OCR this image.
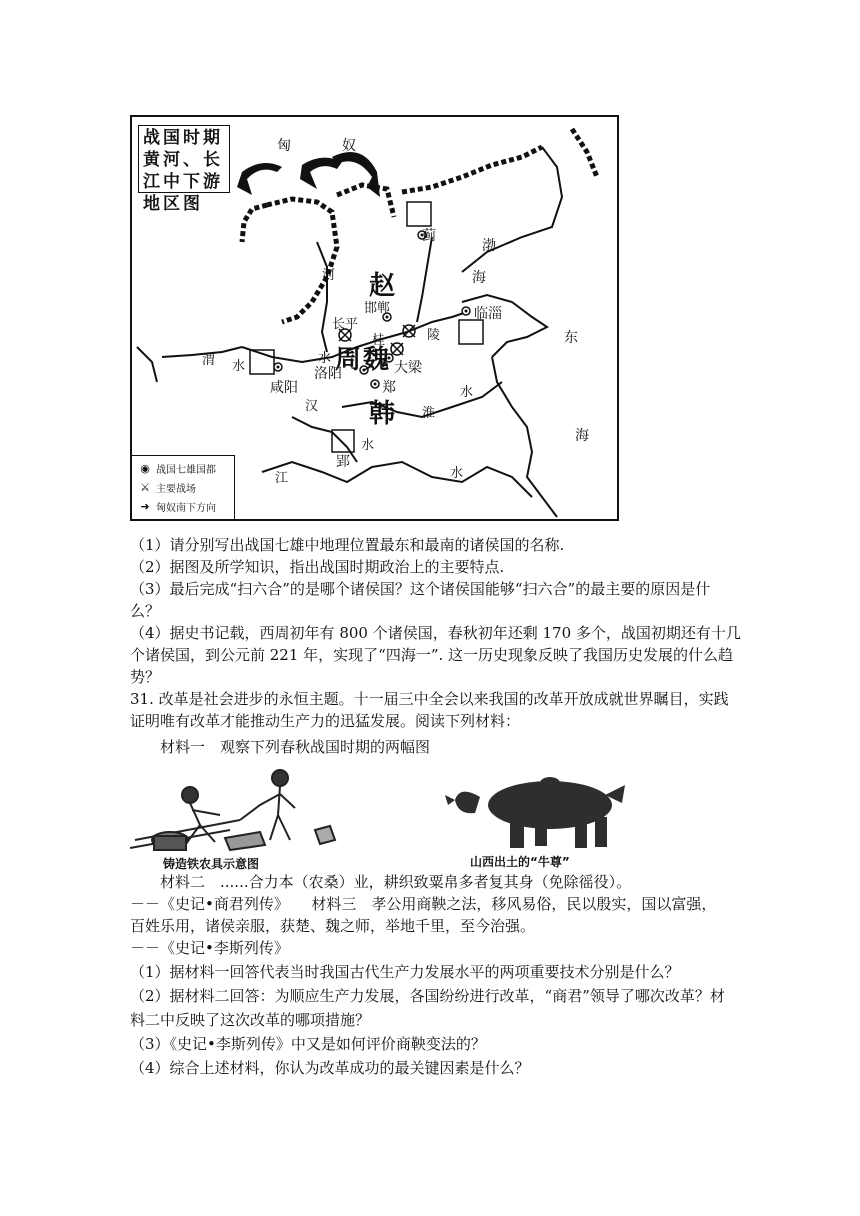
战国时期黄河、长江中下游地区图
匈	奴
渤
海
东
海
河 赵
邯郸
长平
桂	陵
临淄
渭 水
水 周 魏 大梁
咸阳
洛阳
郑	水
汉	淮
韩
水
蓟
江
郢
水
◉ 战国七雄国都
⚔ 主要战场
➜ 匈奴南下方向
（1）请分别写出战国七雄中地理位置最东和最南的诸侯国的名称.
（2）据图及所学知识，指出战国时期政治上的主要特点.
（3）最后完成“扫六合”的是哪个诸侯国？这个诸侯国能够“扫六合”的最主要的原因是什
么？
（4）据史书记载，西周初年有 800 个诸侯国，春秋初年还剩 170 多个，战国初期还有十几
个诸侯国，到公元前 221 年，实现了“四海一”. 这一历史现象反映了我国历史发展的什么趋
势？
31. 改革是社会进步的永恒主题。十一届三中全会以来我国的改革开放成就世界瞩目，实践
证明唯有改革才能推动生产力的迅猛发展。阅读下列材料：
材料一　观察下列春秋战国时期的两幅图
铸造铁农具示意图	山西出土的“牛尊”
材料二　......合力本（农桑）业，耕织致粟帛多者复其身（免除徭役）。
－－《史记•商君列传》　　材料三　孝公用商鞅之法，移风易俗，民以殷实，国以富强，
百姓乐用，诸侯亲服，获楚、魏之师，举地千里，至今治强。
－－《史记•李斯列传》
（1）据材料一回答代表当时我国古代生产力发展水平的两项重要技术分别是什么？
（2）据材料二回答：为顺应生产力发展，各国纷纷进行改革，“商君”领导了哪次改革？材
料二中反映了这次改革的哪项措施？
（3）《史记•李斯列传》中又是如何评价商鞅变法的？
（4）综合上述材料，你认为改革成功的最关键因素是什么？
